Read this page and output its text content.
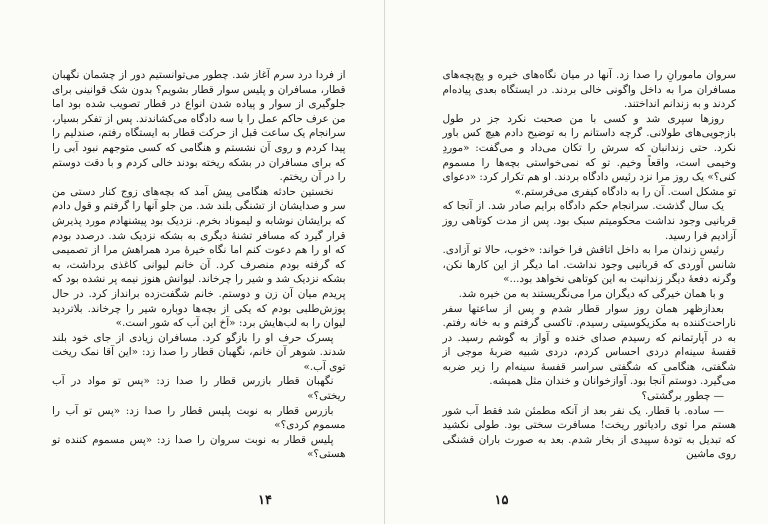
از فردا درد سرم آغاز شد. چطور می‌توانستیم دور از چشمان نگهبان قطار، مسافران و پلیس سوار قطار بشویم؟ بدون شک قوانینی برای جلوگیری از سوار و پیاده شدن انواع در قطار تصویب شده بود اما من عرف حاکم عمل را با سه دادگاه می‌کشاندند. پس از تفکر بسیار، سرانجام یک ساعت قبل از حرکت قطار به ایستگاه رفتم، صندلیم را پیدا کردم و روی آن نشستم و هنگامی که کسی متوجهم نبود آبی را که برای مسافران در بشکه ریخته بودند خالی کردم و با دقت دوستم را در آن ریختم.

نخستین حادثه هنگامی پیش آمد که بچه‌های زوج کنار دستی من سر و صدایشان از تشنگی بلند شد. من جلو آنها را گرفتم و قول دادم که برایشان نوشابه و لیموناد بخرم. نزدیک بود پیشنهادم مورد پذیرش قرار گیرد که مسافر تشنهٔ دیگری به بشکه نزدیک شد. درصدد بودم که او را هم دعوت کنم اما نگاه خیرهٔ مرد همراهش مرا از تصمیمی که گرفته بودم منصرف کرد. آن خانم لیوانی کاغذی برداشت، به بشکه نزدیک شد و شیر را چرخاند. لیوانش هنوز نیمه پر نشده بود که پریدم میان آن زن و دوستم. خانم شگفت‌زده برانداز کرد. در حال پوزش‌طلبی بودم که یکی از بچه‌ها دوباره شیر را چرخاند. بلاتردید لیوان را به لب‌هایش برد: «آخ این آب که شور است.»

پسرک حرف او را بازگو کرد. مسافران زیادی از جای خود بلند شدند. شوهر آن خانم، نگهبان قطار را صدا زد: «این آقا نمک ریخت توی آب.»

نگهبان قطار بازرس قطار را صدا زد: «پس تو مواد در آب ریختی؟»

بازرس قطار به نوبت پلیس قطار را صدا زد: «پس تو آب را مسموم کردی؟»

پلیس قطار به نوبت سروان را صدا زد: «پس مسموم کننده تو هستی؟»

۱۴

سروان مامورانِ را صدا زد. آنها در میان نگاه‌های خیره و پچ‌پچه‌های مسافران مرا به داخل واگونی خالی بردند. در ایستگاه بعدی پیاده‌ام کردند و به زندانم انداختند.

روزها سپری شد و کسی با من صحبت نکرد جز در طول بازجویی‌های طولانی. گرچه داستانم را به توضیح دادم هیچ کس باور نکرد. حتی زندانبان که سرش را تکان می‌داد و می‌گفت: «موردِ وخیمی است، واقعاً وخیم. تو که نمی‌خواستی بچه‌ها را مسموم کنی؟» یک روز مرا نزد رئیس دادگاه بردند. او هم تکرار کرد: «دعوای تو مشکل است. آن را به دادگاه کیفری می‌فرستم.»

یک سال گذشت. سرانجام حکم دادگاه برایم صادر شد. از آنجا که قربانیی وجود نداشت محکومیتم سبک بود. پس از مدت کوتاهی روز آزادیم فرا رسید.

رئیس زندان مرا به داخل اتاقش فرا خواند: «خوب، حالا تو آزادی. شانس آوردی که قربانیی وجود نداشت. اما دیگر از این کارها نکن، وگرنه دفعهٔ دیگر زندانیت به این کوتاهی نخواهد بود...»

و با همان خیرگی که دیگران مرا می‌نگریستند به من خیره شد.

بعدازظهر همان روز سوار قطار شدم و پس از ساعتها سفر ناراحت‌کننده به مکزیکوسیتی رسیدم. تاکسی گرفتم و به خانه رفتم. به در آپارتمانم که رسیدم صدای خنده و آواز به گوشم رسید. در قفسهٔ سینه‌ام دردی احساس کردم، دردی شبیه ضربهٔ موجی از شگفتی، هنگامی که شگفتی سراسر قفسهٔ سینه‌ام را زیر ضربه می‌گیرد. دوستم آنجا بود. آوازخوانان و خندان مثل همیشه.

— چطور برگشتی؟

— ساده. با قطار. یک نفر بعد از آنکه مطمئن شد فقط آب شور هستم مرا توی رادیاتور ریخت! مسافرت سختی بود. طولی نکشید که تبدیل به تودهٔ سپیدی از بخار شدم. بعد به صورت باران قشنگی روی ماشین

۱۵
